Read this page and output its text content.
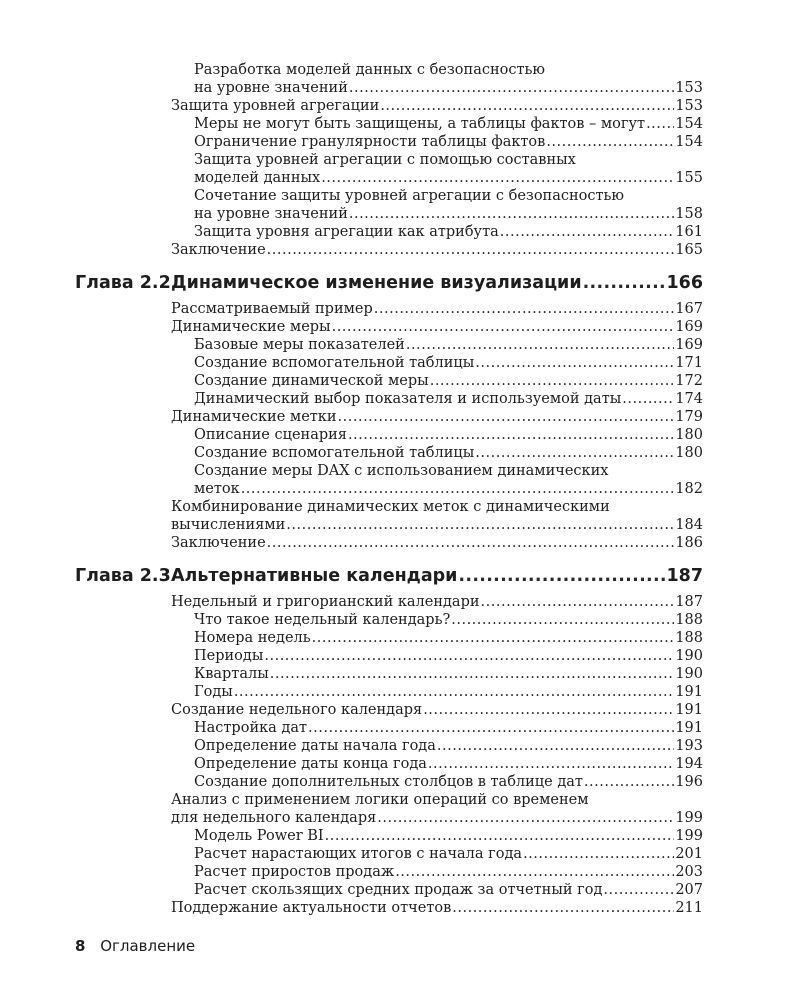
Разработка моделей данных с безопасностью
на уровне значений .....	153
Защита уровней агрегации .....	153
Меры не могут быть защищены, а таблицы фактов – могут ..... 154
Ограничение гранулярности таблицы фактов .....	154
Защита уровней агрегации с помощью составных
моделей данных .....	155
Сочетание защиты уровней агрегации с безопасностью
на уровне значений .....	158
Защита уровня агрегации как атрибута .....	161
Заключение .....	165
Глава 2.2 Динамическое изменение визуализации .....	166
Рассматриваемый пример .....	167
Динамические меры .....	169
Базовые меры показателей .....	169
Создание вспомогательной таблицы .....	171
Создание динамической меры .....	172
Динамический выбор показателя и используемой даты .....	174
Динамические метки .....	179
Описание сценария .....	180
Создание вспомогательной таблицы .....	180
Создание меры DAX с использованием динамических
меток .....	182
Комбинирование динамических меток с динамическими
вычислениями .....	184
Заключение .....	186
Глава 2.3 Альтернативные календари .....	187
Недельный и григорианский календари .....	187
Что такое недельный календарь? .....	188
Номера недель .....	188
Периоды .....	190
Кварталы .....	190
Годы .....	191
Создание недельного календаря .....	191
Настройка дат .....	191
Определение даты начала года .....	193
Определение даты конца года .....	194
Создание дополнительных столбцов в таблице дат .....	196
Анализ с применением логики операций со временем
для недельного календаря .....	199
Модель Power BI .....	199
Расчет нарастающих итогов с начала года .....	201
Расчет приростов продаж .....	203
Расчет скользящих средних продаж за отчетный год .....	207
Поддержание актуальности отчетов .....	211
8 Оглавление
